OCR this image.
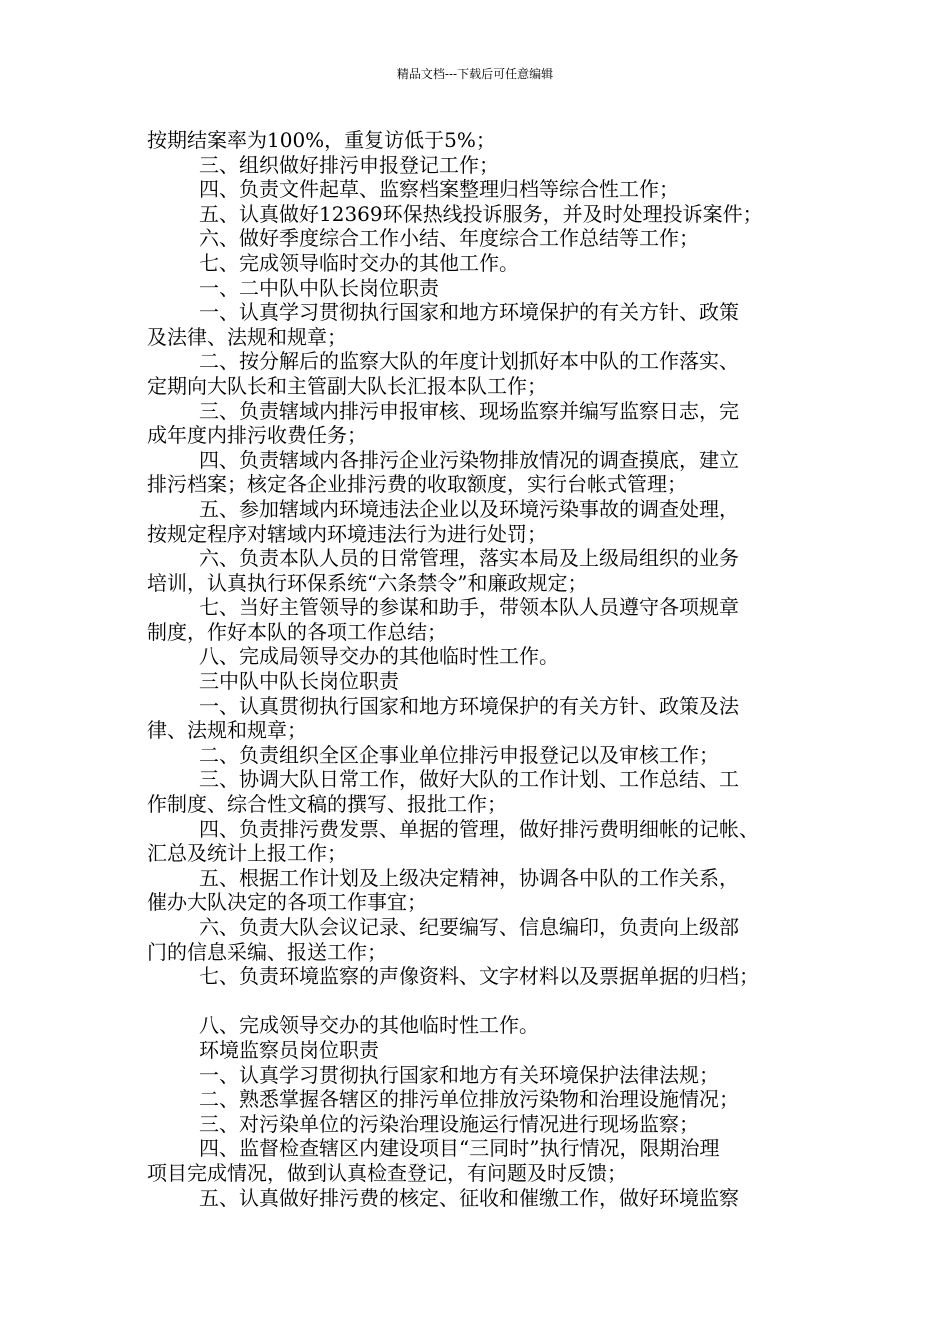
精品文档---下载后可任意编辑
按期结案率为100%，重复访低于5%；
三、组织做好排污申报登记工作；
四、负责文件起草、监察档案整理归档等综合性工作；
五、认真做好12369环保热线投诉服务，并及时处理投诉案件；
六、做好季度综合工作小结、年度综合工作总结等工作；
七、完成领导临时交办的其他工作。
一、二中队中队长岗位职责
一、认真学习贯彻执行国家和地方环境保护的有关方针、政策
及法律、法规和规章；
二、按分解后的监察大队的年度计划抓好本中队的工作落实、
定期向大队长和主管副大队长汇报本队工作；
三、负责辖域内排污申报审核、现场监察并编写监察日志，完
成年度内排污收费任务；
四、负责辖域内各排污企业污染物排放情况的调查摸底，建立
排污档案；核定各企业排污费的收取额度，实行台帐式管理；
五、参加辖域内环境违法企业以及环境污染事故的调查处理，
按规定程序对辖域内环境违法行为进行处罚；
六、负责本队人员的日常管理，落实本局及上级局组织的业务
培训，认真执行环保系统“六条禁令”和廉政规定；
七、当好主管领导的参谋和助手，带领本队人员遵守各项规章
制度，作好本队的各项工作总结；
八、完成局领导交办的其他临时性工作。
三中队中队长岗位职责
一、认真贯彻执行国家和地方环境保护的有关方针、政策及法
律、法规和规章；
二、负责组织全区企事业单位排污申报登记以及审核工作；
三、协调大队日常工作，做好大队的工作计划、工作总结、工
作制度、综合性文稿的撰写、报批工作；
四、负责排污费发票、单据的管理，做好排污费明细帐的记帐、
汇总及统计上报工作；
五、根据工作计划及上级决定精神，协调各中队的工作关系，
催办大队决定的各项工作事宜；
六、负责大队会议记录、纪要编写、信息编印，负责向上级部
门的信息采编、报送工作；
七、负责环境监察的声像资料、文字材料以及票据单据的归档；
八、完成领导交办的其他临时性工作。
环境监察员岗位职责
一、认真学习贯彻执行国家和地方有关环境保护法律法规；
二、熟悉掌握各辖区的排污单位排放污染物和治理设施情况；
三、对污染单位的污染治理设施运行情况进行现场监察；
四、监督检查辖区内建设项目“三同时”执行情况，限期治理
项目完成情况，做到认真检查登记，有问题及时反馈；
五、认真做好排污费的核定、征收和催缴工作，做好环境监察
